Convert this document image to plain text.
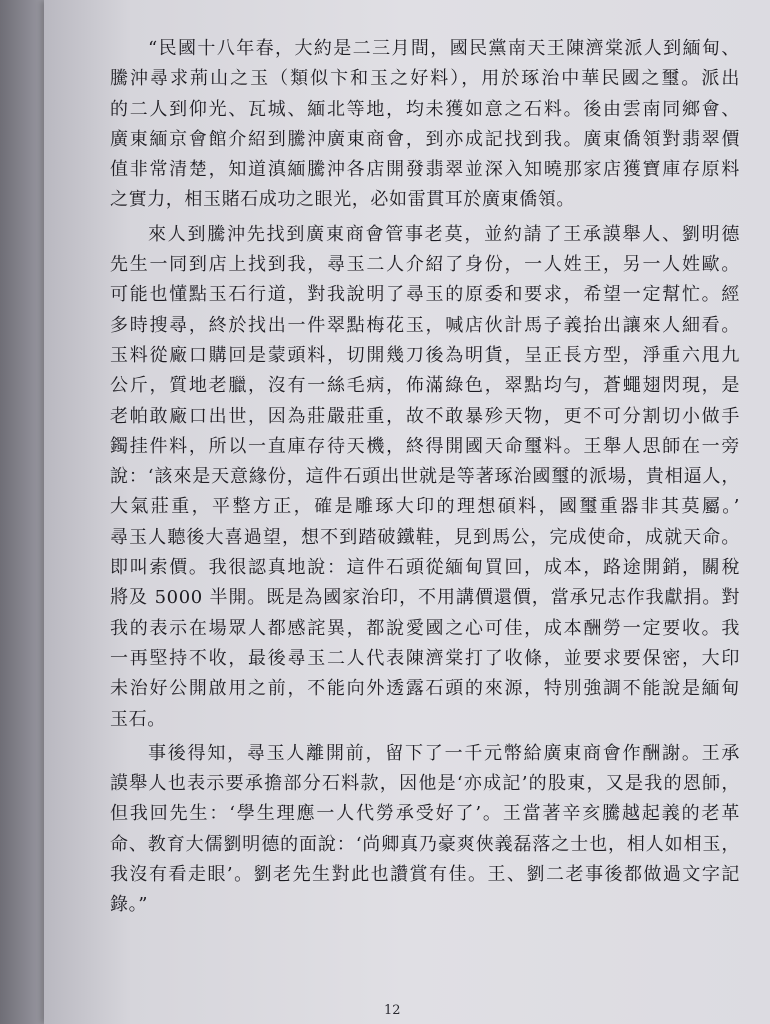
“民國十八年春，大約是二三月間，國民黨南天王陳濟棠派人到緬甸、

騰沖尋求荊山之玉（類似卞和玉之好料），用於琢治中華民國之璽。派出

的二人到仰光、瓦城、緬北等地，均未獲如意之石料。後由雲南同鄉會、

廣東緬京會館介紹到騰沖廣東商會，到亦成記找到我。廣東僑領對翡翠價

值非常清楚，知道滇緬騰沖各店開發翡翠並深入知曉那家店獲寶庫存原料

之實力，相玉賭石成功之眼光，必如雷貫耳於廣東僑領。

來人到騰沖先找到廣東商會管事老莫，並約請了王承謨舉人、劉明德

先生一同到店上找到我，尋玉二人介紹了身份，一人姓王，另一人姓歐。

可能也懂點玉石行道，對我說明了尋玉的原委和要求，希望一定幫忙。經

多時搜尋，終於找出一件翠點梅花玉，喊店伙計馬子義抬出讓來人細看。

玉料從廠口購回是蒙頭料，切開幾刀後為明貨，呈正長方型，淨重六甩九

公斤，質地老臘，沒有一絲毛病，佈滿綠色，翠點均勻，蒼蠅翅閃現，是

老帕敢廠口出世，因為莊嚴莊重，故不敢暴殄天物，更不可分割切小做手

鐲挂件料，所以一直庫存待天機，終得開國天命璽料。王舉人思師在一旁

說：‘該來是天意緣份，這件石頭出世就是等著琢治國璽的派場，貴相逼人，

大氣莊重，平整方正，確是雕琢大印的理想碩料，國璽重器非其莫屬。’

尋玉人聽後大喜過望，想不到踏破鐵鞋，見到馬公，完成使命，成就天命。

即叫索價。我很認真地說：這件石頭從緬甸買回，成本，路途開銷，關稅

將及 5000 半開。既是為國家治印，不用講價還價，當承兄志作我獻捐。對

我的表示在場眾人都感詫異，都說愛國之心可佳，成本酬勞一定要收。我

一再堅持不收，最後尋玉二人代表陳濟棠打了收條，並要求要保密，大印

未治好公開啟用之前，不能向外透露石頭的來源，特別強調不能說是緬甸

玉石。

事後得知，尋玉人離開前，留下了一千元幣給廣東商會作酬謝。王承

謨舉人也表示要承擔部分石料款，因他是‘亦成記’的股東，又是我的恩師，

但我回先生：‘學生理應一人代勞承受好了’。王當著辛亥騰越起義的老革

命、教育大儒劉明德的面說：‘尚卿真乃豪爽俠義磊落之士也，相人如相玉，

我沒有看走眼’。劉老先生對此也讚賞有佳。王、劉二老事後都做過文字記

錄。”

12
